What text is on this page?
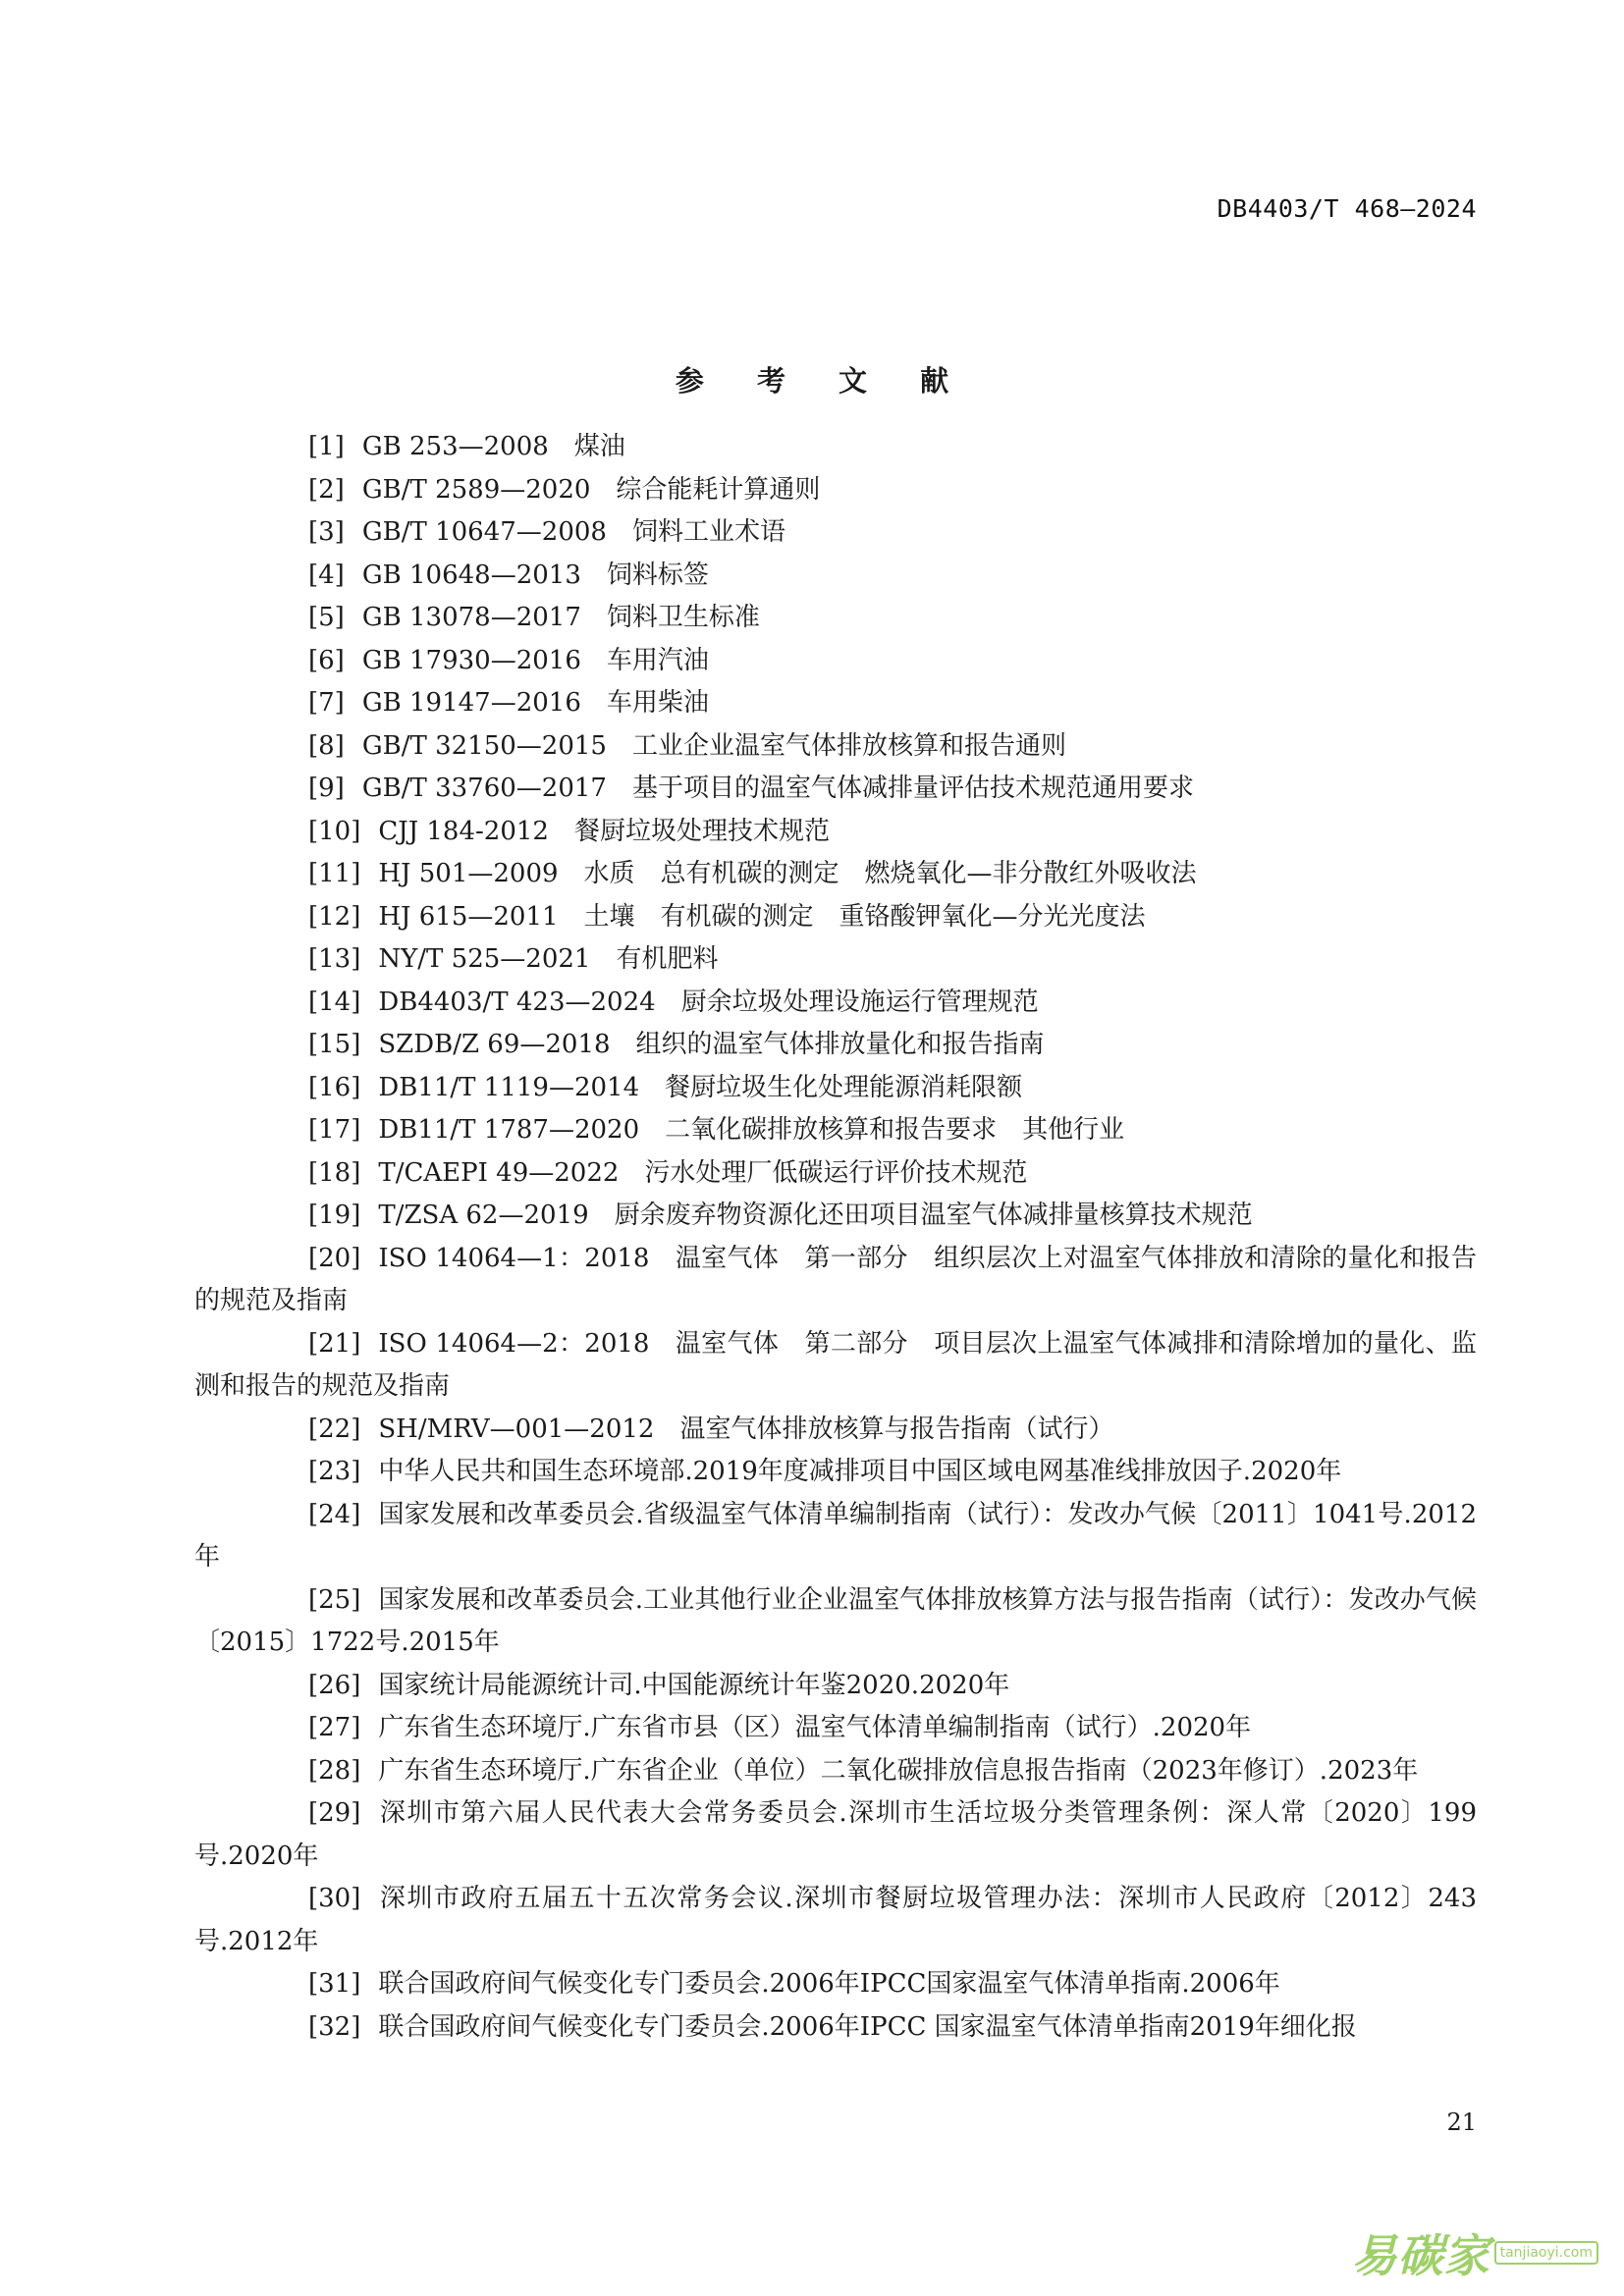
DB4403/T 468—2024
参 考 文 献
[1] GB 253—2008 煤油
[2] GB/T 2589—2020 综合能耗计算通则
[3] GB/T 10647—2008 饲料工业术语
[4] GB 10648—2013 饲料标签
[5] GB 13078—2017 饲料卫生标准
[6] GB 17930—2016 车用汽油
[7] GB 19147—2016 车用柴油
[8] GB/T 32150—2015 工业企业温室气体排放核算和报告通则
[9] GB/T 33760—2017 基于项目的温室气体减排量评估技术规范通用要求
[10] CJJ 184-2012 餐厨垃圾处理技术规范
[11] HJ 501—2009 水质　总有机碳的测定　燃烧氧化—非分散红外吸收法
[12] HJ 615—2011 土壤　有机碳的测定　重铬酸钾氧化—分光光度法
[13] NY/T 525—2021 有机肥料
[14] DB4403/T 423—2024 厨余垃圾处理设施运行管理规范
[15] SZDB/Z 69—2018 组织的温室气体排放量化和报告指南
[16] DB11/T 1119—2014 餐厨垃圾生化处理能源消耗限额
[17] DB11/T 1787—2020 二氧化碳排放核算和报告要求　其他行业
[18] T/CAEPI 49—2022 污水处理厂低碳运行评价技术规范
[19] T/ZSA 62—2019 厨余废弃物资源化还田项目温室气体减排量核算技术规范
[20] ISO 14064—1：2018 温室气体　第一部分　组织层次上对温室气体排放和清除的量化和报告的规范及指南
[21] ISO 14064—2：2018 温室气体　第二部分　项目层次上温室气体减排和清除增加的量化、监测和报告的规范及指南
[22] SH/MRV—001—2012 温室气体排放核算与报告指南（试行）
[23] 中华人民共和国生态环境部.2019年度减排项目中国区域电网基准线排放因子.2020年
[24] 国家发展和改革委员会.省级温室气体清单编制指南（试行）：发改办气候〔2011〕1041号.2012年
[25] 国家发展和改革委员会.工业其他行业企业温室气体排放核算方法与报告指南（试行）：发改办气候〔2015〕1722号.2015年
[26] 国家统计局能源统计司.中国能源统计年鉴2020.2020年
[27] 广东省生态环境厅.广东省市县（区）温室气体清单编制指南（试行）.2020年
[28] 广东省生态环境厅.广东省企业（单位）二氧化碳排放信息报告指南（2023年修订）.2023年
[29] 深圳市第六届人民代表大会常务委员会.深圳市生活垃圾分类管理条例：深人常〔2020〕199号.2020年
[30] 深圳市政府五届五十五次常务会议.深圳市餐厨垃圾管理办法：深圳市人民政府〔2012〕243号.2012年
[31] 联合国政府间气候变化专门委员会.2006年IPCC国家温室气体清单指南.2006年
[32] 联合国政府间气候变化专门委员会.2006年IPCC 国家温室气体清单指南2019年细化报
21
易碳家 tanjiaoyi.com
